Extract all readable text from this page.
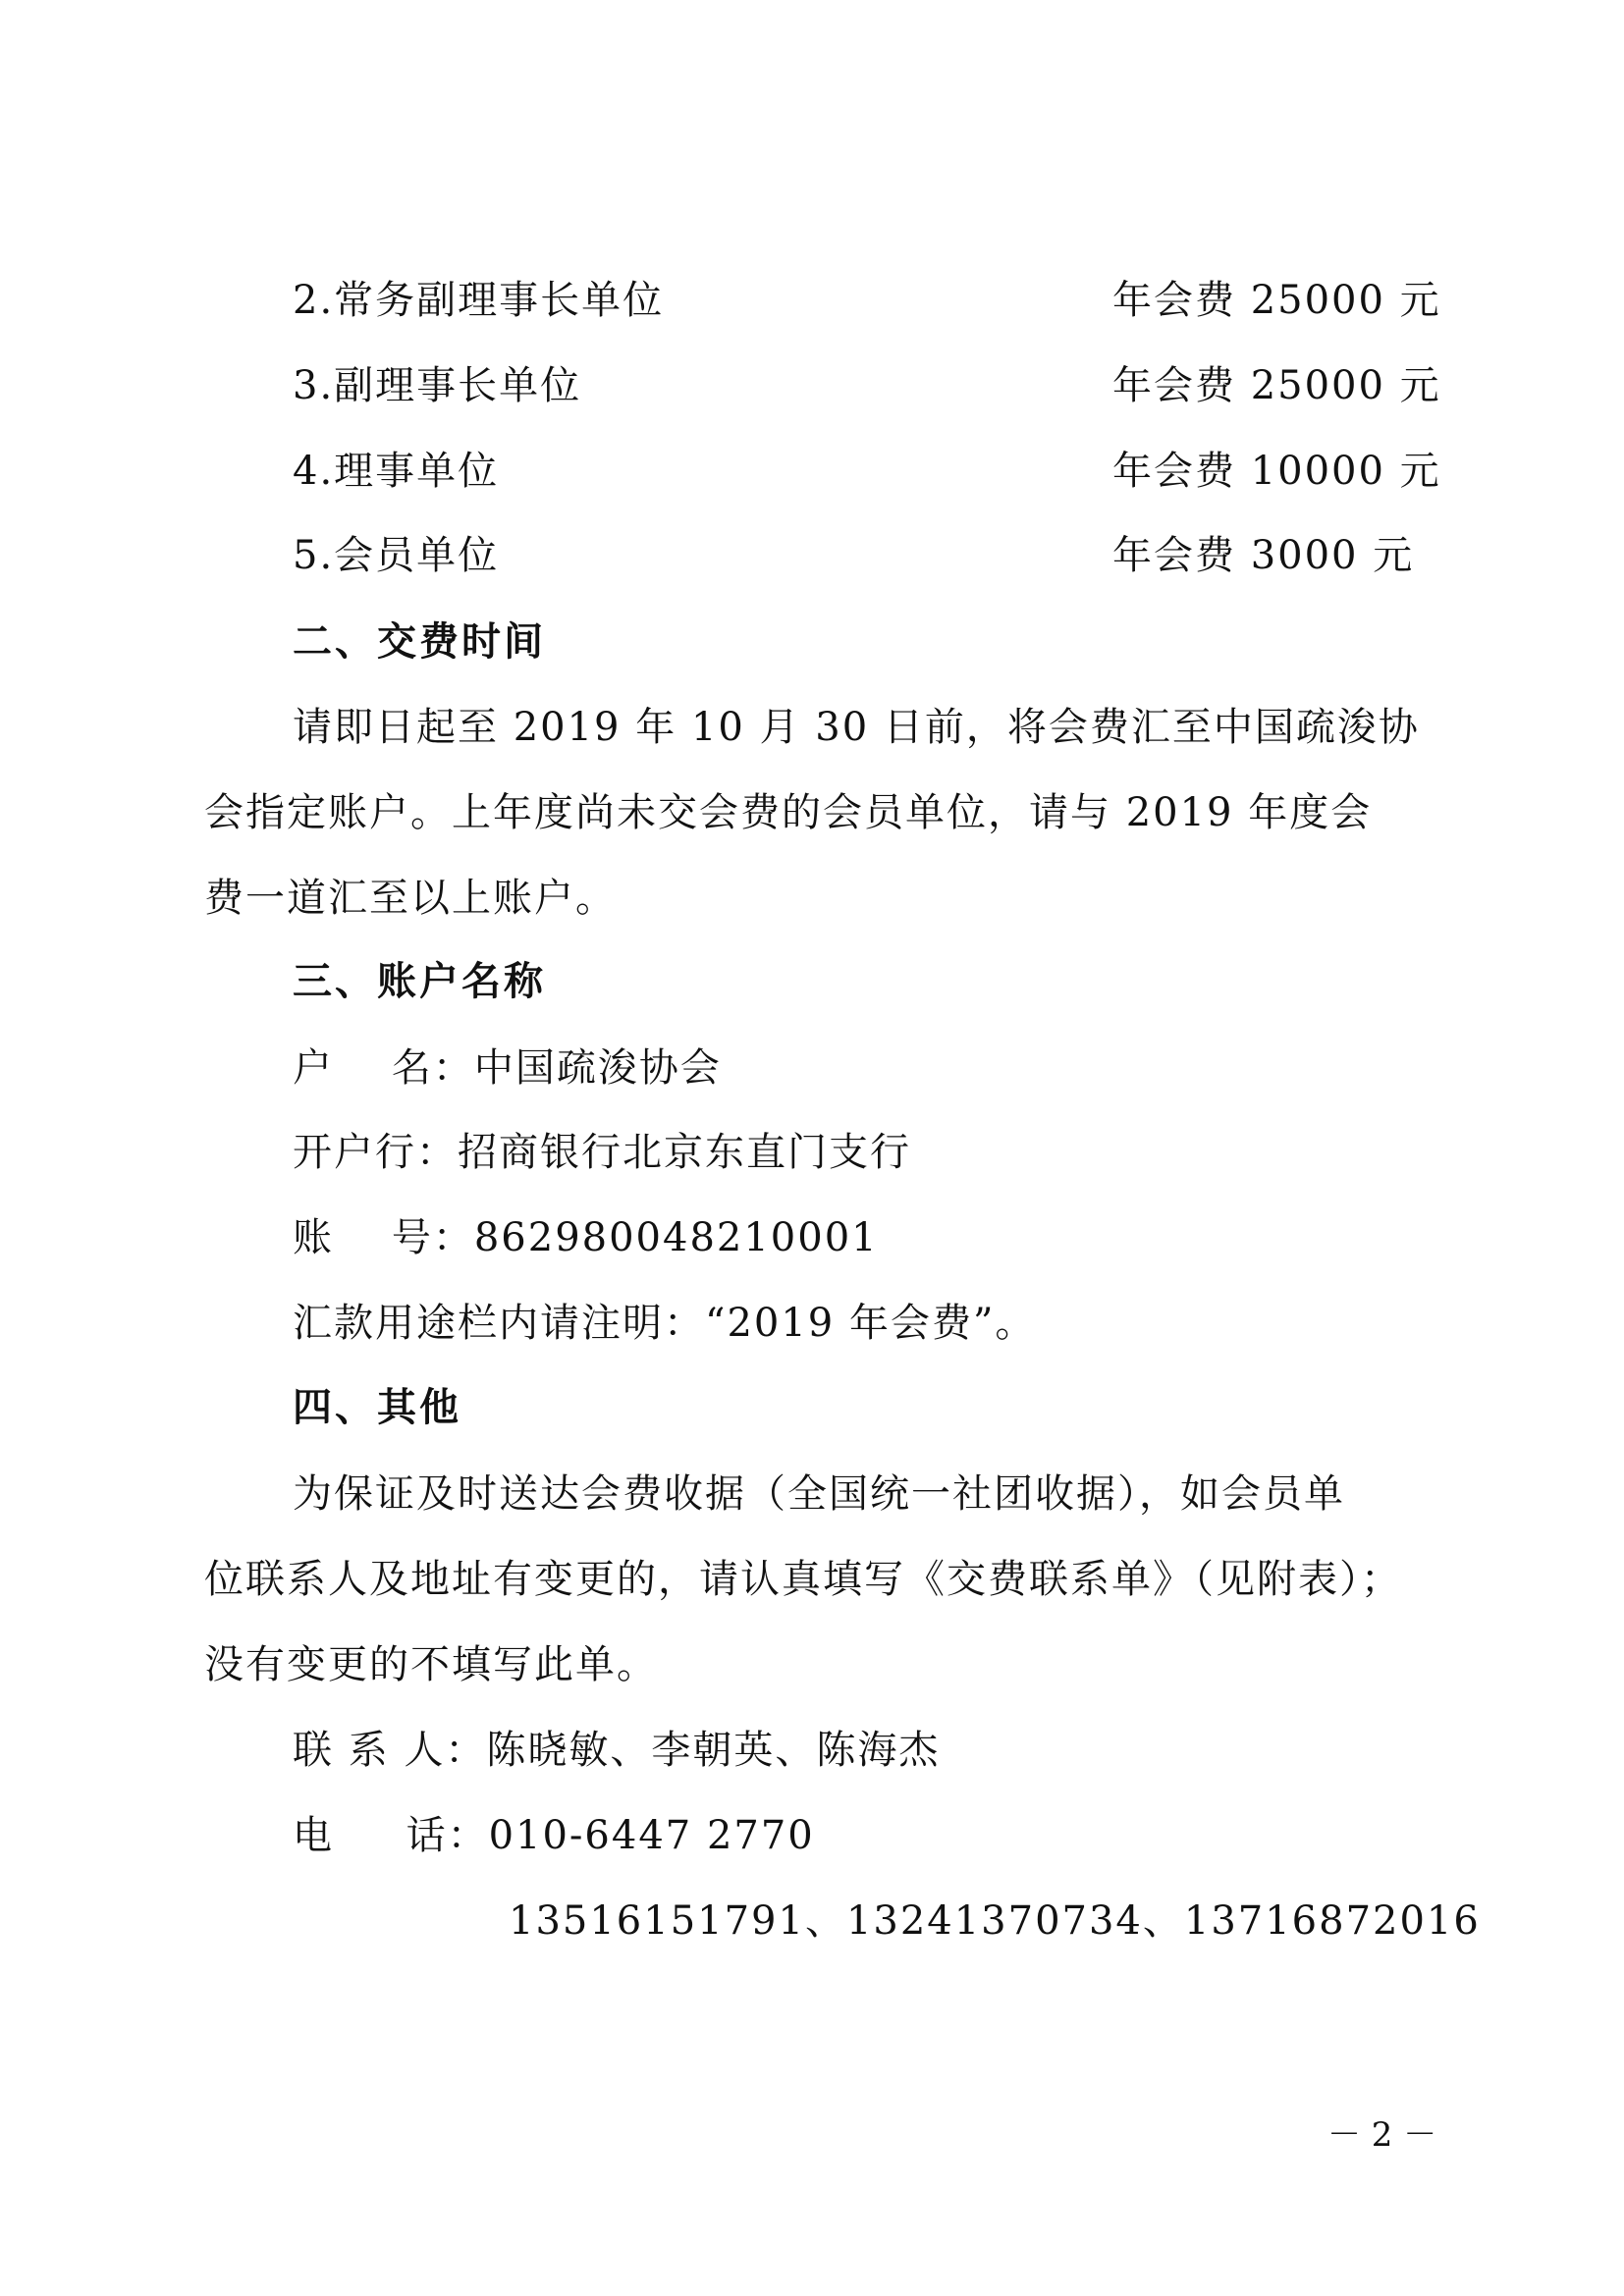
2.常务副理事长单位	年会费 25000 元
3.副理事长单位	年会费 25000 元
4.理事单位	年会费 10000 元
5.会员单位	年会费 3000 元
二、交费时间
请即日起至 2019 年 10 月 30 日前，将会费汇至中国疏浚协
会指定账户。上年度尚未交会费的会员单位，请与 2019 年度会
费一道汇至以上账户。
三、账户名称
户    名：中国疏浚协会
开户行：招商银行北京东直门支行
账    号：862980048210001
汇款用途栏内请注明：“2019 年会费”。
四、其他
为保证及时送达会费收据（全国统一社团收据），如会员单
位联系人及地址有变更的，请认真填写《交费联系单》（见附表）；
没有变更的不填写此单。
联 系 人：陈晓敏、李朝英、陈海杰
电     话：010-6447 2770
13516151791、13241370734、13716872016
－ 2 －
